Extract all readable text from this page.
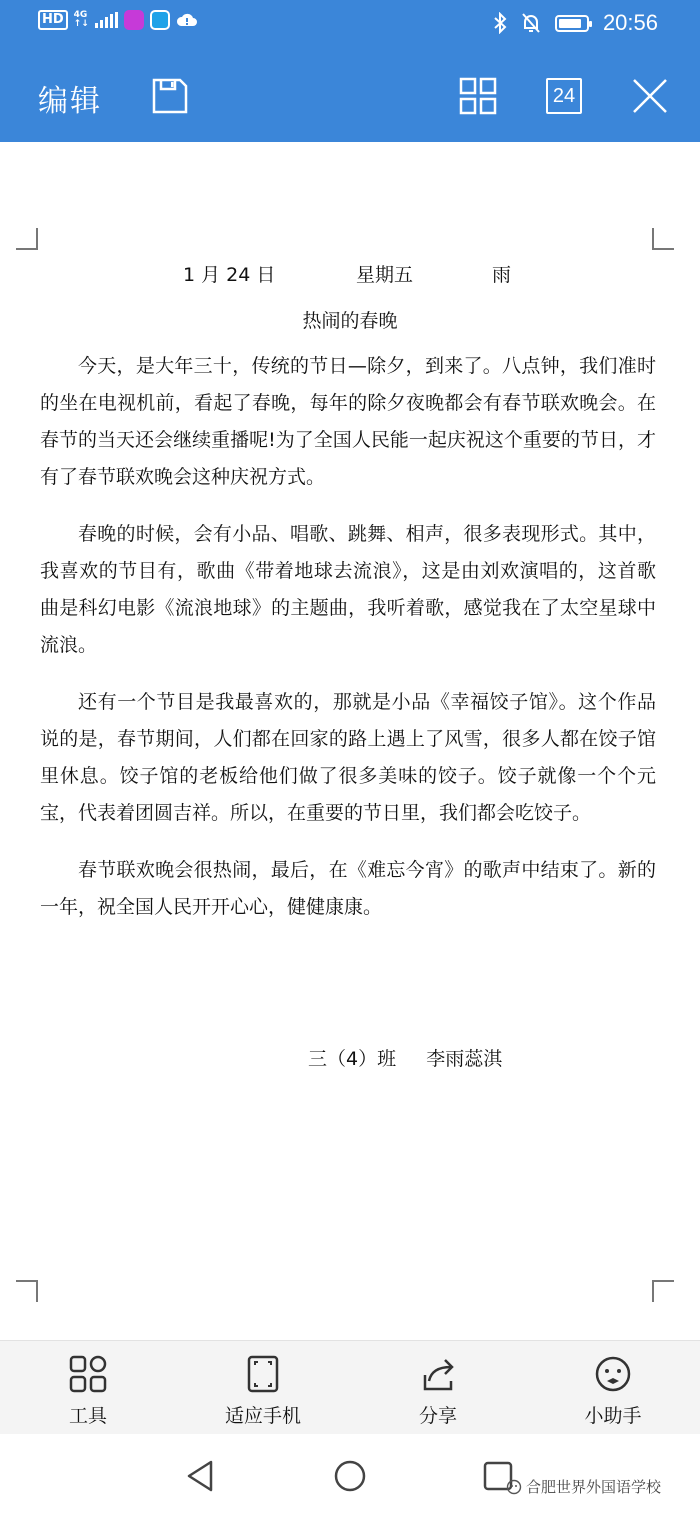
HD	4G
↑↓	20:56
编辑	24
1 月 24 日	星期五	雨
热闹的春晚

今天，是大年三十，传统的节日—除夕，到来了。八点钟，我们准时的坐在电视机前，看起了春晚，每年的除夕夜晚都会有春节联欢晚会。在春节的当天还会继续重播呢!为了全国人民能一起庆祝这个重要的节日，才有了春节联欢晚会这种庆祝方式。

春晚的时候，会有小品、唱歌、跳舞、相声，很多表现形式。其中，我喜欢的节目有，歌曲《带着地球去流浪》，这是由刘欢演唱的，这首歌曲是科幻电影《流浪地球》的主题曲，我听着歌，感觉我在了太空星球中流浪。

还有一个节目是我最喜欢的，那就是小品《幸福饺子馆》。这个作品说的是，春节期间，人们都在回家的路上遇上了风雪，很多人都在饺子馆里休息。饺子馆的老板给他们做了很多美味的饺子。饺子就像一个个元宝，代表着团圆吉祥。所以，在重要的节日里，我们都会吃饺子。

春节联欢晚会很热闹，最后，在《难忘今宵》的歌声中结束了。新的一年，祝全国人民开开心心，健健康康。

三（4）班     李雨蕊淇
工具	适应手机	分享	小助手
合肥世界外国语学校
